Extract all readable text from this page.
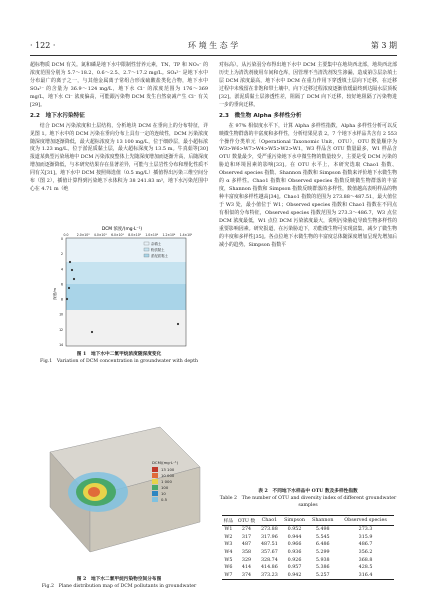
· 122 ·	环 境 生 态 学	第 3 期

超标物质 DCM 有关。氮和磷是地下水中限制性营养元素，TN、TP 和 NO₃⁻ 的浓度范围分别为 5.7～18.2、0.6～2.5、2.7～17.2 mg/L。SO₄²⁻ 是地下水中分布最广的离子之一，与其他金属离子常组合形成硫酸盐类化合物，地下水中 SO₄²⁻ 的含量为 36.9～124 mg/L，地下水 Cl⁻ 的浓度范围为 176～369 mg/L，地下水 Cl⁻ 浓度偏高，可能跟污染物 DCM 发生自然衰减产生 Cl⁻ 有关[29]。

2.2　地下水污染特征

结合 DCM 污染浓度和土层结构，分析地块 DCM 在垂向上的分布特征，详见图 1。地下水中的 DCM 污染在垂向分布上具有一定的连续性，DCM 污染浓度随深度增加逐渐降低，最大超标浓度为 13 100 mg/L，位于细砂层，最小超标浓度为 1.23 mg/L，位于淤泥质黏土层，最大超标深度为 13.5 m。牛真茹等[30] 报道某典型污染场地中 DCM 污染浓度整体上先随深度增加而逐渐升高，后随深度增加而逐渐降低，与本研究结果存在显著差异，可能与土层岩性分布和理化性质不同有关[31]。地下水中 DCM 按照筛选值（0.5 mg/L）插值得出污染三维空间分布（图 2），插值计算得到污染地下水体积为 38 241.83 m³，地下水污染范围中心在 4.71 m（绝

DCM 浓度/(mg·L⁻¹)
0.0	2.0×10³ 4.0×10³ 6.0×10³ 8.0×10³ 1.0×10⁴ 1.2×10⁴ 1.4×10⁴
0
2
4
6
8
10
12
14
深度/m
杂填土
粉质黏土
淤泥质黏土
图 1　地下水中二氯甲烷浓度随深度变化
Fig.1　Variation of DCM concentration in groundwater with depth
DCM/(mg·L⁻¹)
13 100
10 000
1 000
100
10
0.5
图 2　地下水二氯甲烷污染物空间分布图
Fig.2　Plane distribution map of DCM pollutants in groundwater

对标高）。从污染羽分布得出地下水中 DCM 主要集中在地块西北部，地块西北部历史上为清洗剂使用车间和仓库，因管理不当清洗剂发生渗漏，造成第⑤层杂填土层 DCM 浓度最高，地下水中 DCM 在重力作用下穿透填土层向下迁移，在迁移过程中未残留在非饱和带土壤中，向下迁移过程浓度逐渐放缓最终到达隔水层顶板[32]。淤泥质黏土层渗透性差，阻隔了 DCM 向下迁移，较好地阻隔了污染物进一步的垂向迁移。

2.3　微生物 Alpha 多样性分析

在 97% 相似度水平下，计算 Alpha 多样性指数，Alpha 多样性分析可以反映微生物群落的丰富度和多样性，分析结果见表 2。7 个地下水样品共含有 2 553 个操作分类单元（Operational Taxonomic Unit，OTU），OTU 数量顺序为 W3>W6>W7>W4>W5>W2>W1，W3 样品含 OTU 数量最多，W1 样品含 OTU 数量最少，受严重污染地下水中微生物的数量较少，主要是受 DCM 污染的胁迫和环境因素的影响[33]。在 OTU 水平上，本研究选取 Chao1 指数、Observed species 指数、Shannon 指数和 Simpson 指数来评价地下水微生物的 α 多样性。Chao1 指数和 Observed species 指数反映微生物群落的丰富度，Shannon 指数和 Simpson 指数反映群落的多样性，数值越高表明样品的物种丰富度和多样性越高[34]。Chao1 指数的范围为 273.88～487.51，最大值位于 W3 处，最小值位于 W1；Observed species 指数和 Chao1 指数在不同点有相似的分布特征，Observed species 指数范围为 273.3～486.7，W3 点位 DCM 浓度最低，W1 点位 DCM 污染浓度最大，说明污染胁迫导致生物多样性的重要影响因素。研究报道，在污染胁迫下，功能微生物可实现富集，减少了微生物的丰度和多样性[35]。各点位地下水微生物的丰富度总体随深度增加呈现先增加后减小的趋势。Simpson 指数平

表 2　不同地下水样品中 OTU 数及多样性指数
Table 2　The number of OTU and diversity index of different groundwater samples
样品	OTU 数	Chao1	Simpson	Shannon	Observed species
W1	274	273.88	0.952	5.498	273.3
W2	317	317.96	0.944	5.545	315.9
W3	487	487.51	0.966	6.486	486.7
W4	358	357.67	0.936	5.299	356.2
W5	329	328.74	0.926	5.938	368.8
W6	414	414.86	0.957	5.386	428.5
W7	374	373.23	0.942	5.257	316.4
